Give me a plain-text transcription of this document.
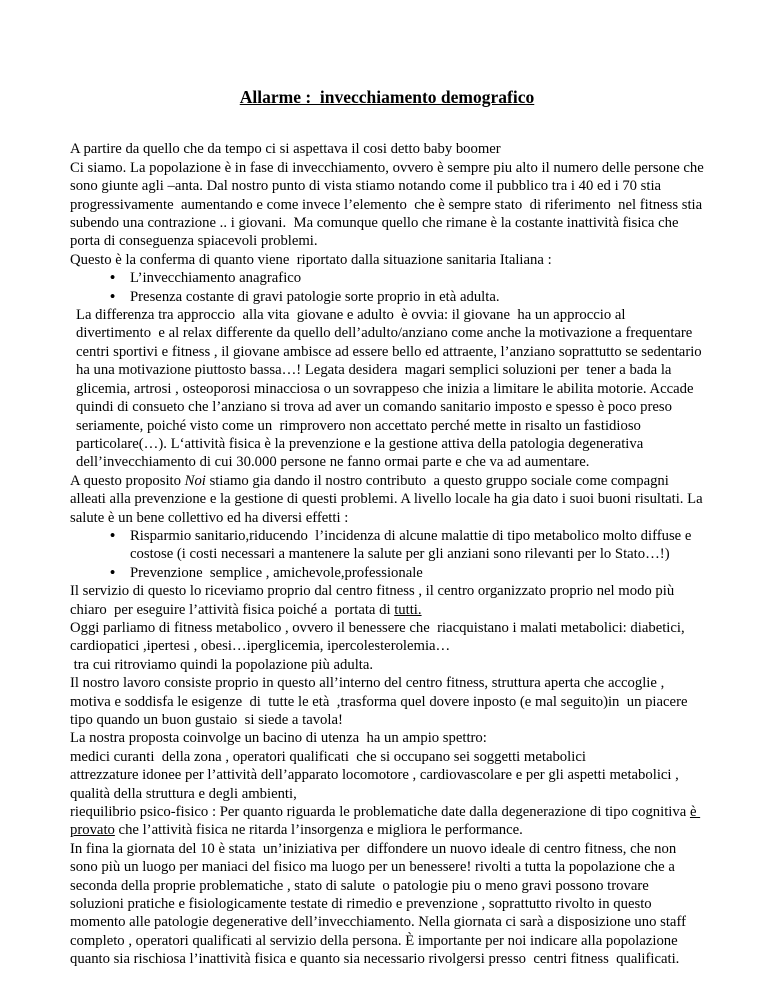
Allarme :  invecchiamento demografico

A partire da quello che da tempo ci si aspettava il cosi detto baby boomer

Ci siamo. La popolazione è in fase di invecchiamento, ovvero è sempre piu alto il numero delle persone che sono giunte agli –anta. Dal nostro punto di vista stiamo notando come il pubblico tra i 40 ed i 70 stia progressivamente  aumentando e come invece l’elemento  che è sempre stato  di riferimento  nel fitness stia subendo una contrazione .. i giovani.  Ma comunque quello che rimane è la costante inattività fisica che porta di conseguenza spiacevoli problemi.

Questo è la conferma di quanto viene  riportato dalla situazione sanitaria Italiana :

• L’invecchiamento anagrafico
• Presenza costante di gravi patologie sorte proprio in età adulta.

La differenza tra approccio  alla vita  giovane e adulto  è ovvia: il giovane  ha un approccio al divertimento  e al relax differente da quello dell’adulto/anziano come anche la motivazione a frequentare centri sportivi e fitness , il giovane ambisce ad essere bello ed attraente, l’anziano soprattutto se sedentario  ha una motivazione piuttosto bassa…! Legata desidera  magari semplici soluzioni per  tener a bada la glicemia, artrosi , osteoporosi minacciosa o un sovrappeso che inizia a limitare le abilita motorie. Accade quindi di consueto che l’anziano si trova ad aver un comando sanitario imposto e spesso è poco preso seriamente, poiché visto come un  rimprovero non accettato perché mette in risalto un fastidioso particolare(…). L‘attività fisica è la prevenzione e la gestione attiva della patologia degenerativa  dell’invecchiamento di cui 30.000 persone ne fanno ormai parte e che va ad aumentare.

A questo proposito Noi stiamo gia dando il nostro contributo  a questo gruppo sociale come compagni alleati alla prevenzione e la gestione di questi problemi. A livello locale ha gia dato i suoi buoni risultati. La salute è un bene collettivo ed ha diversi effetti :

• Risparmio sanitario,riducendo  l’incidenza di alcune malattie di tipo metabolico molto diffuse e costose (i costi necessari a mantenere la salute per gli anziani sono rilevanti per lo Stato…!)
• Prevenzione  semplice , amichevole,professionale

Il servizio di questo lo riceviamo proprio dal centro fitness , il centro organizzato proprio nel modo più chiaro  per eseguire l’attività fisica poiché a  portata di tutti.

Oggi parliamo di fitness metabolico , ovvero il benessere che  riacquistano i malati metabolici: diabetici, cardiopatici ,ipertesi , obesi…iperglicemia, ipercolesterolemia…

tra cui ritroviamo quindi la popolazione più adulta.

Il nostro lavoro consiste proprio in questo all’interno del centro fitness, struttura aperta che accoglie , motiva e soddisfa le esigenze  di  tutte le età  ,trasforma quel dovere inposto (e mal seguito)in  un piacere tipo quando un buon gustaio  si siede a tavola!

La nostra proposta coinvolge un bacino di utenza  ha un ampio spettro:

medici curanti  della zona , operatori qualificati  che si occupano sei soggetti metabolici

attrezzature idonee per l’attività dell’apparato locomotore , cardiovascolare e per gli aspetti metabolici , qualità della struttura e degli ambienti,

riequilibrio psico-fisico : Per quanto riguarda le problematiche date dalla degenerazione di tipo cognitiva è provato che l’attività fisica ne ritarda l’insorgenza e migliora le performance.

In fina la giornata del 10 è stata  un’iniziativa per  diffondere un nuovo ideale di centro fitness, che non sono più un luogo per maniaci del fisico ma luogo per un benessere! rivolti a tutta la popolazione che a seconda della proprie problematiche , stato di salute  o patologie piu o meno gravi possono trovare soluzioni pratiche e fisiologicamente testate di rimedio e prevenzione , soprattutto rivolto in questo momento alle patologie degenerative dell’invecchiamento. Nella giornata ci sarà a disposizione uno staff completo , operatori qualificati al servizio della persona. È importante per noi indicare alla popolazione quanto sia rischiosa l’inattività fisica e quanto sia necessario rivolgersi presso  centri fitness  qualificati.
